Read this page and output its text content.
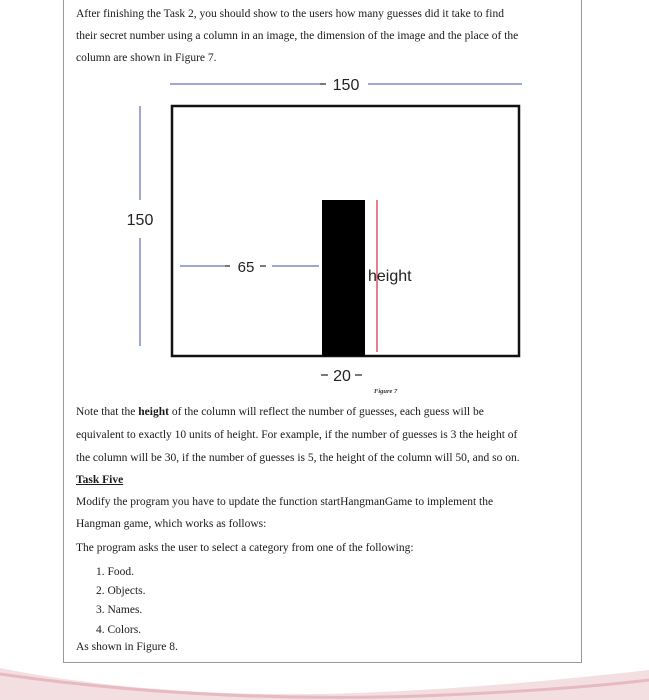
After finishing the Task 2, you should show to the users how many guesses did it take to find
their secret number using a column in an image, the dimension of the image and the place of the
column are shown in Figure 7.
150
150
65
height
20
Figure 7
Note that the height of the column will reflect the number of guesses, each guess will be
equivalent to exactly 10 units of height. For example, if the number of guesses is 3 the height of
the column will be 30, if the number of guesses is 5, the height of the column will 50, and so on.
Task Five
Modify the program you have to update the function startHangmanGame to implement the
Hangman game, which works as follows:
The program asks the user to select a category from one of the following:
1. Food.
2. Objects.
3. Names.
4. Colors.
As shown in Figure 8.
